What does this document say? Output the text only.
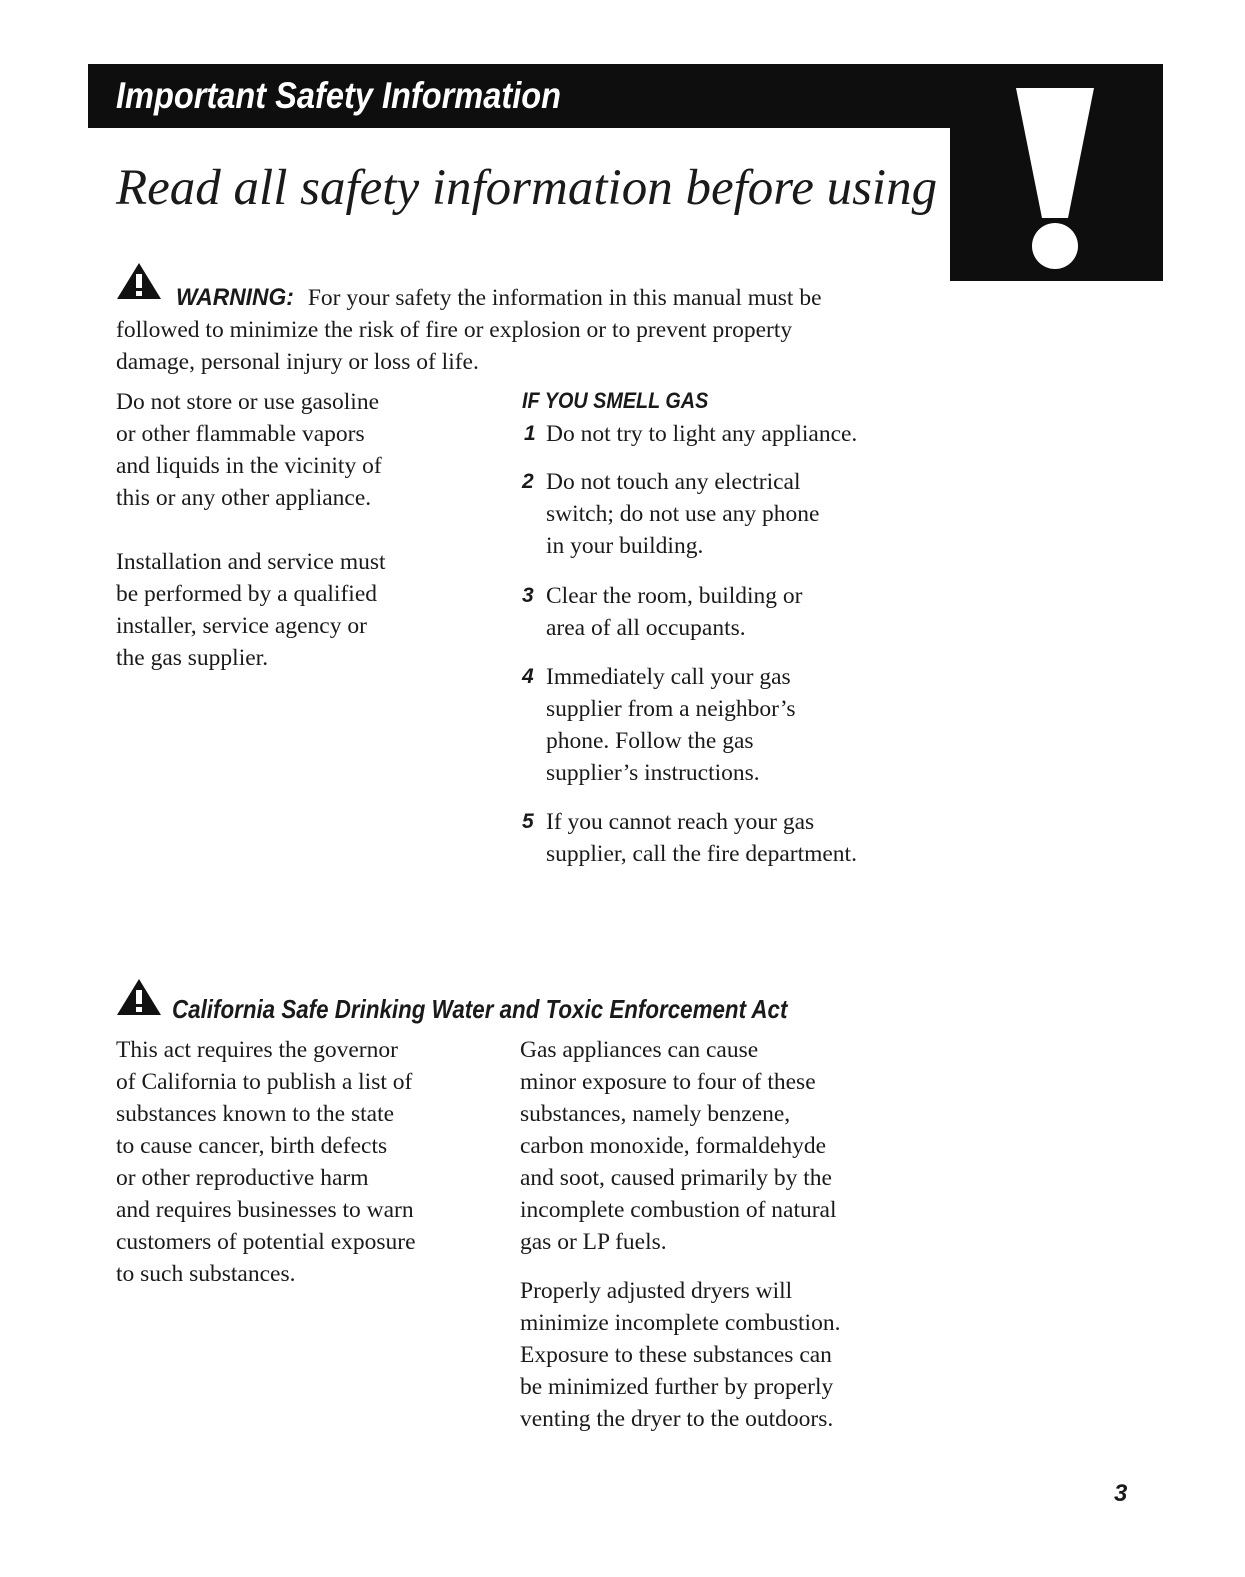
Important Safety Information
Read all safety information before using
WARNING: For your safety the information in this manual must be
followed to minimize the risk of fire or explosion or to prevent property
damage, personal injury or loss of life.
Do not store or use gasoline
or other flammable vapors
and liquids in the vicinity of
this or any other appliance.
Installation and service must
be performed by a qualified
installer, service agency or
the gas supplier.
IF YOU SMELL GAS
1 Do not try to light any appliance.
2 Do not touch any electrical
switch; do not use any phone
in your building.
3 Clear the room, building or
area of all occupants.
4 Immediately call your gas
supplier from a neighbor’s
phone. Follow the gas
supplier’s instructions.
5 If you cannot reach your gas
supplier, call the fire department.
California Safe Drinking Water and Toxic Enforcement Act
This act requires the governor
of California to publish a list of
substances known to the state
to cause cancer, birth defects
or other reproductive harm
and requires businesses to warn
customers of potential exposure
to such substances.
Gas appliances can cause
minor exposure to four of these
substances, namely benzene,
carbon monoxide, formaldehyde
and soot, caused primarily by the
incomplete combustion of natural
gas or LP fuels.
Properly adjusted dryers will
minimize incomplete combustion.
Exposure to these substances can
be minimized further by properly
venting the dryer to the outdoors.
3
